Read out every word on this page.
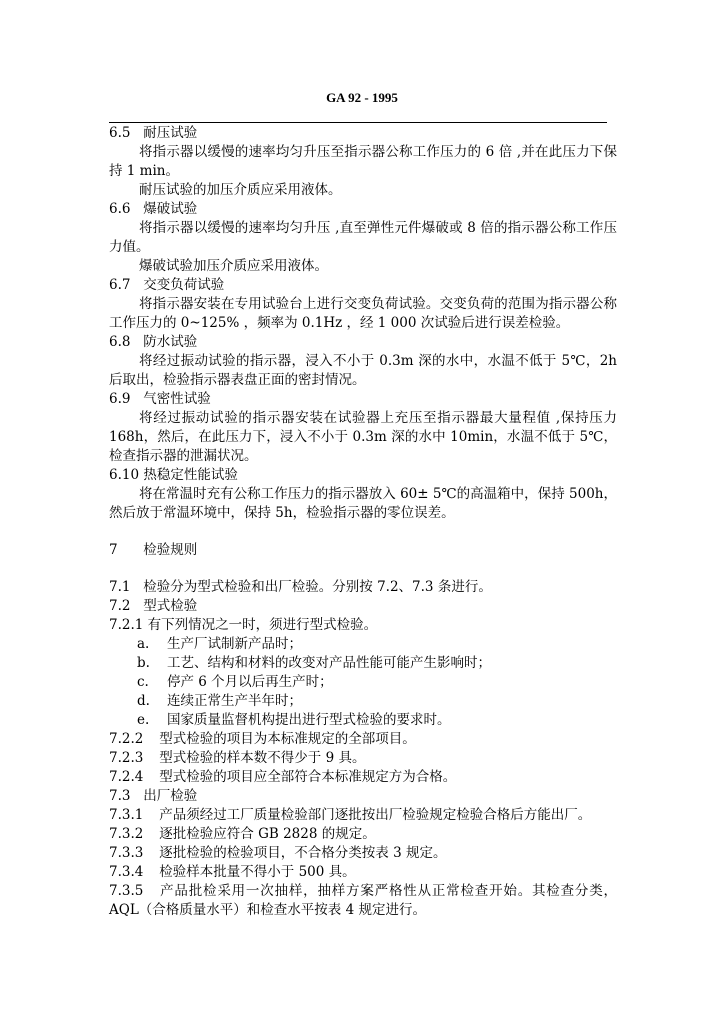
GA 92 - 1995

6.5 耐压试验

将指示器以缓慢的速率均匀升压至指示器公称工作压力的 6 倍 ,并在此压力下保持 1 min。

耐压试验的加压介质应采用液体。

6.6 爆破试验

将指示器以缓慢的速率均匀升压 ,直至弹性元件爆破或 8 倍的指示器公称工作压力值。

爆破试验加压介质应采用液体。

6.7 交变负荷试验

将指示器安装在专用试验台上进行交变负荷试验。交变负荷的范围为指示器公称工作压力的 0~125% ，频率为 0.1Hz ，经 1 000 次试验后进行误差检验。

6.8 防水试验

将经过振动试验的指示器，浸入不小于 0.3m 深的水中，水温不低于 5℃，2h 后取出，检验指示器表盘正面的密封情况。

6.9 气密性试验

将经过振动试验的指示器安装在试验器上充压至指示器最大量程值 ,保持压力 168h，然后，在此压力下，浸入不小于 0.3m 深的水中 10min，水温不低于 5℃，检查指示器的泄漏状况。

6.10 热稳定性能试验

将在常温时充有公称工作压力的指示器放入 60± 5℃的高温箱中，保持 500h，然后放于常温环境中，保持 5h，检验指示器的零位误差。

7 检验规则

7.1 检验分为型式检验和出厂检验。分别按 7.2、7.3 条进行。

7.2 型式检验

7.2.1 有下列情况之一时，须进行型式检验。

a. 生产厂试制新产品时；

b. 工艺、结构和材料的改变对产品性能可能产生影响时；

c. 停产 6 个月以后再生产时；

d. 连续正常生产半年时；

e. 国家质量监督机构提出进行型式检验的要求时。

7.2.2 型式检验的项目为本标准规定的全部项目。

7.2.3 型式检验的样本数不得少于 9 具。

7.2.4 型式检验的项目应全部符合本标准规定方为合格。

7.3 出厂检验

7.3.1 产品须经过工厂质量检验部门逐批按出厂检验规定检验合格后方能出厂。

7.3.2 逐批检验应符合 GB 2828 的规定。

7.3.3 逐批检验的检验项目，不合格分类按表 3 规定。

7.3.4 检验样本批量不得小于 500 具。

7.3.5 产品批检采用一次抽样，抽样方案严格性从正常检查开始。其检查分类，AQL（合格质量水平）和检查水平按表 4 规定进行。
